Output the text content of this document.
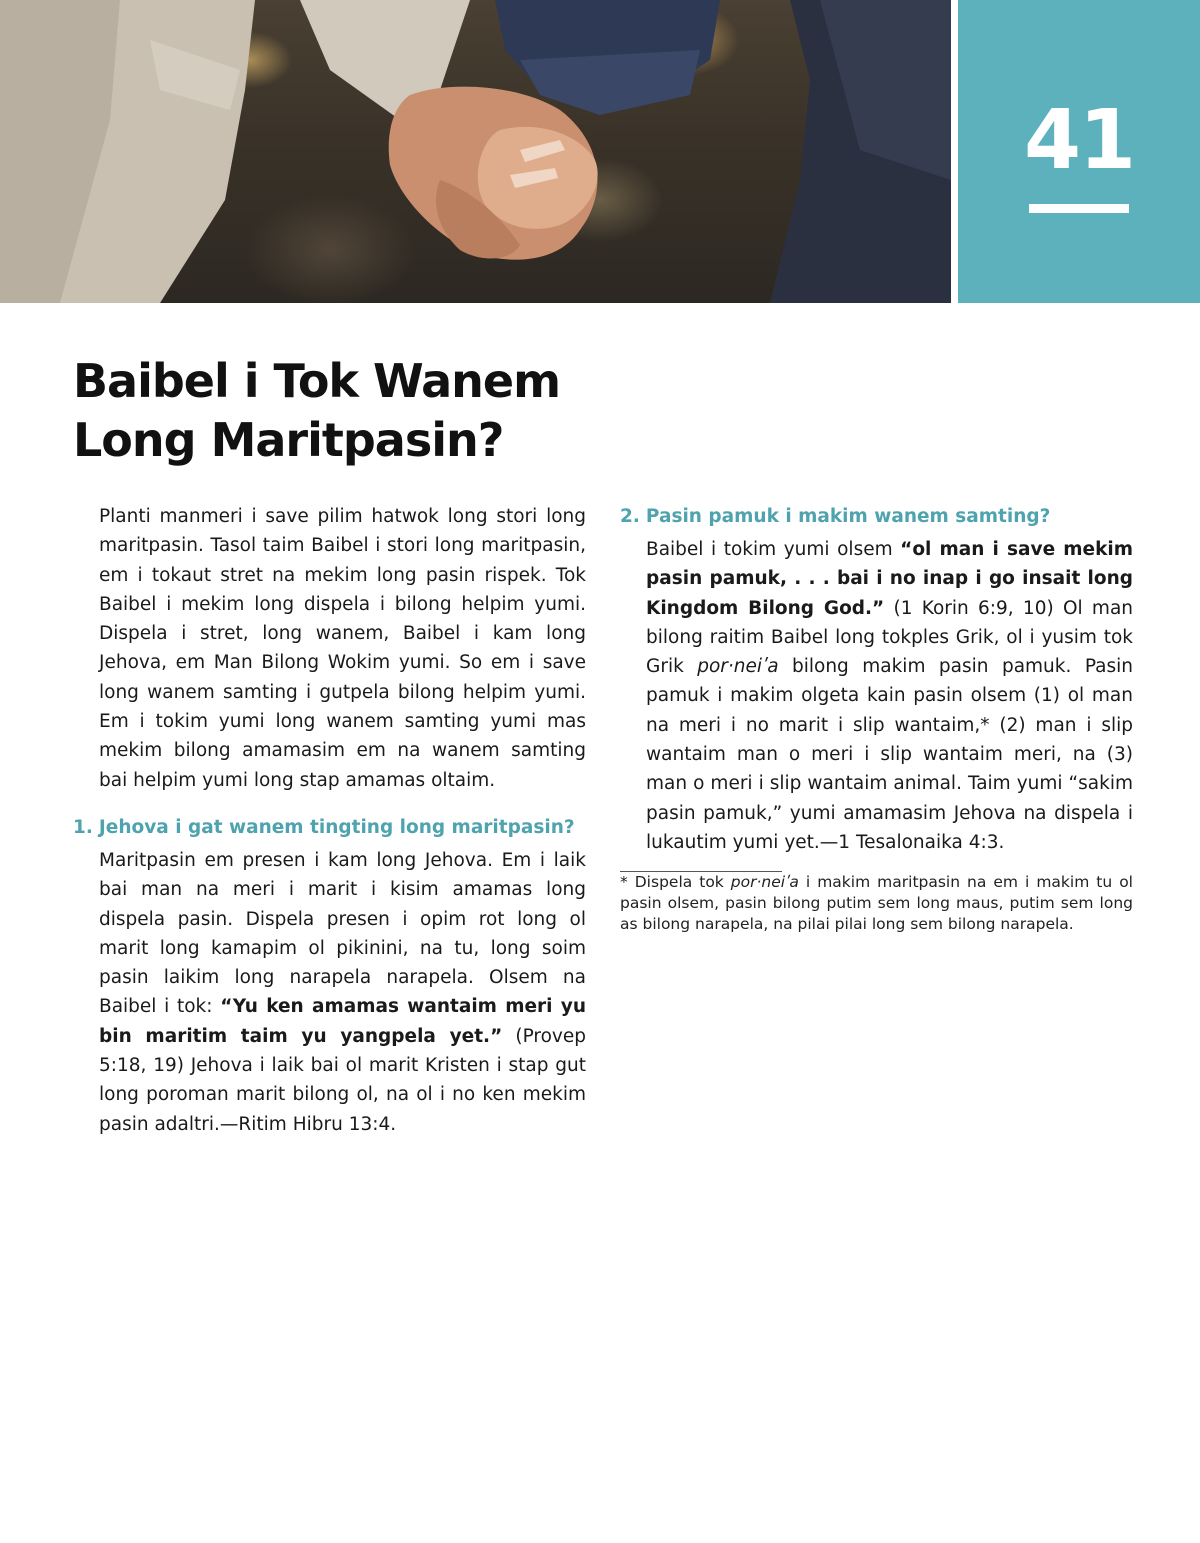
41
Baibel i Tok Wanem
Long Maritpasin?

Planti manmeri i save pilim hatwok long stori long maritpasin. Tasol taim Baibel i stori long maritpasin, em i tokaut stret na mekim long pasin rispek. Tok Baibel i mekim long dispela i bilong helpim yumi. Dispela i stret, long wanem, Baibel i kam long Jehova, em Man Bilong Wokim yumi. So em i save long wanem samting i gutpela bilong helpim yumi. Em i tokim yumi long wanem samting yumi mas mekim bilong amamasim em na wanem samting bai helpim yumi long stap amamas oltaim.

1. Jehova i gat wanem tingting long maritpasin?

Maritpasin em presen i kam long Jehova. Em i laik bai man na meri i marit i kisim amamas long dispela pasin. Dispela presen i opim rot long ol marit long kamapim ol pikinini, na tu, long soim pasin laikim long narapela narapela. Olsem na Baibel i tok: “Yu ken amamas wantaim meri yu bin maritim taim yu yangpela yet.” (Provep 5:18, 19) Jehova i laik bai ol marit Kristen i stap gut long poroman marit bilong ol, na ol i no ken mekim pasin adaltri.—Ritim Hibru 13:4.

2. Pasin pamuk i makim wanem samting?

Baibel i tokim yumi olsem “ol man i save mekim pasin pamuk, . . . bai i no inap i go insait long Kingdom Bilong God.” (1 Korin 6:9, 10) Ol man bilong raitim Baibel long tokples Grik, ol i yusim tok Grik por·neiʹa bilong makim pasin pamuk. Pasin pamuk i makim olgeta kain pasin olsem (1) ol man na meri i no marit i slip wantaim,* (2) man i slip wantaim man o meri i slip wantaim meri, na (3) man o meri i slip wantaim animal. Taim yumi “sakim pasin pamuk,” yumi amamasim Jehova na dispela i lukautim yumi yet.—1 Tesalonaika 4:3.

* Dispela tok por·neiʹa i makim maritpasin na em i makim tu ol pasin olsem, pasin bilong putim sem long maus, putim sem long as bilong narapela, na pilai pilai long sem bilong narapela.
